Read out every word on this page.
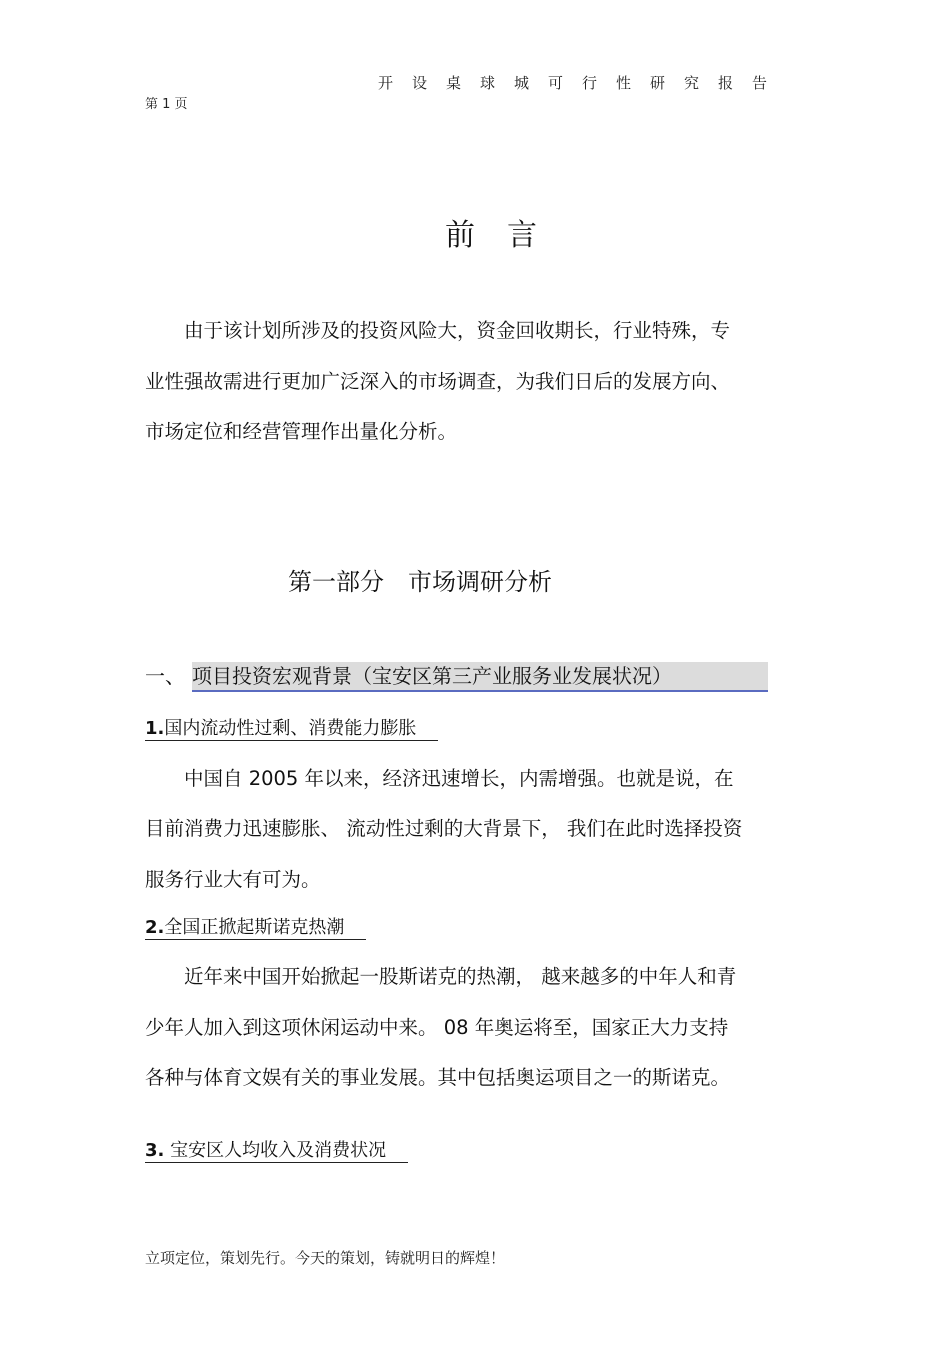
开设桌球城可行性研究报告
第 1 页
前言
　　由于该计划所涉及的投资风险大，资金回收期长，行业特殊，专
业性强故需进行更加广泛深入的市场调查，为我们日后的发展方向、
市场定位和经营管理作出量化分析。
第一部分　市场调研分析
一、 项目投资宏观背景（宝安区第三产业服务业发展状况）
1.国内流动性过剩、消费能力膨胀
　　中国自 2005 年以来，经济迅速增长，内需增强。也就是说，在
目前消费力迅速膨胀、 流动性过剩的大背景下， 我们在此时选择投资
服务行业大有可为。
2.全国正掀起斯诺克热潮
　　近年来中国开始掀起一股斯诺克的热潮， 越来越多的中年人和青
少年人加入到这项休闲运动中来。 08 年奥运将至，国家正大力支持
各种与体育文娱有关的事业发展。其中包括奥运项目之一的斯诺克。
3. 宝安区人均收入及消费状况
立项定位，策划先行。今天的策划，铸就明日的辉煌！
